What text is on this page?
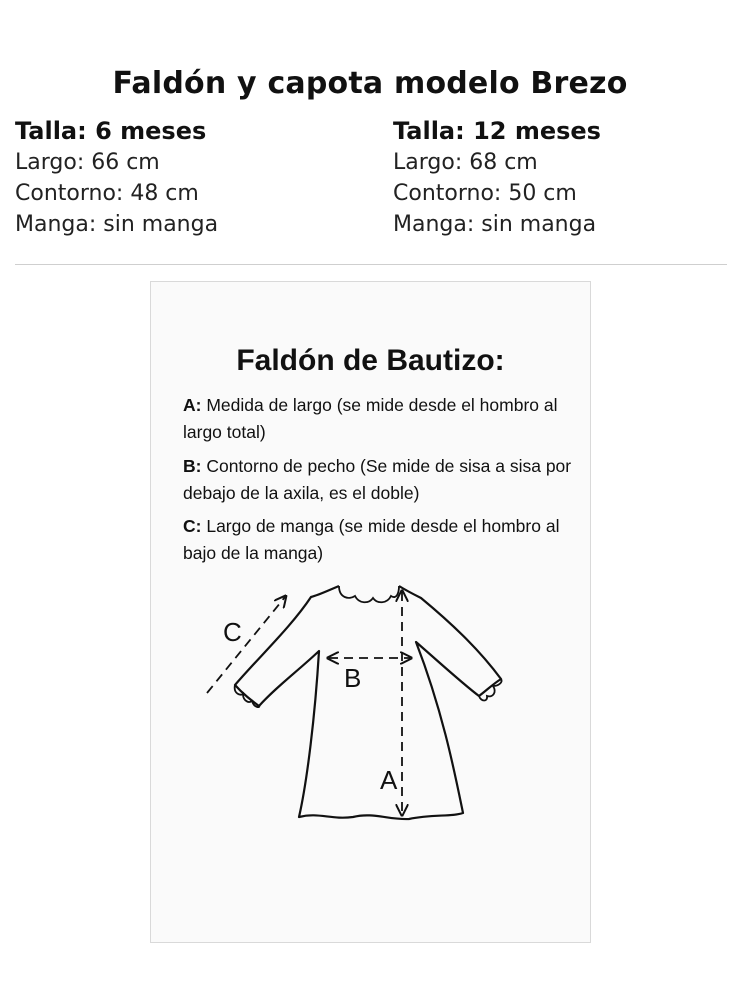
Faldón y capota modelo Brezo
Talla: 6 meses
Largo: 66 cm
Contorno: 48 cm
Manga: sin manga
Talla: 12 meses
Largo: 68 cm
Contorno: 50 cm
Manga: sin manga
Faldón de Bautizo:
A: Medida de largo (se mide desde el hombro al largo total)
B: Contorno de pecho (Se mide de sisa a sisa por debajo de la axila, es el doble)
C: Largo de manga (se mide desde el hombro al bajo de la manga)
A
B
C
